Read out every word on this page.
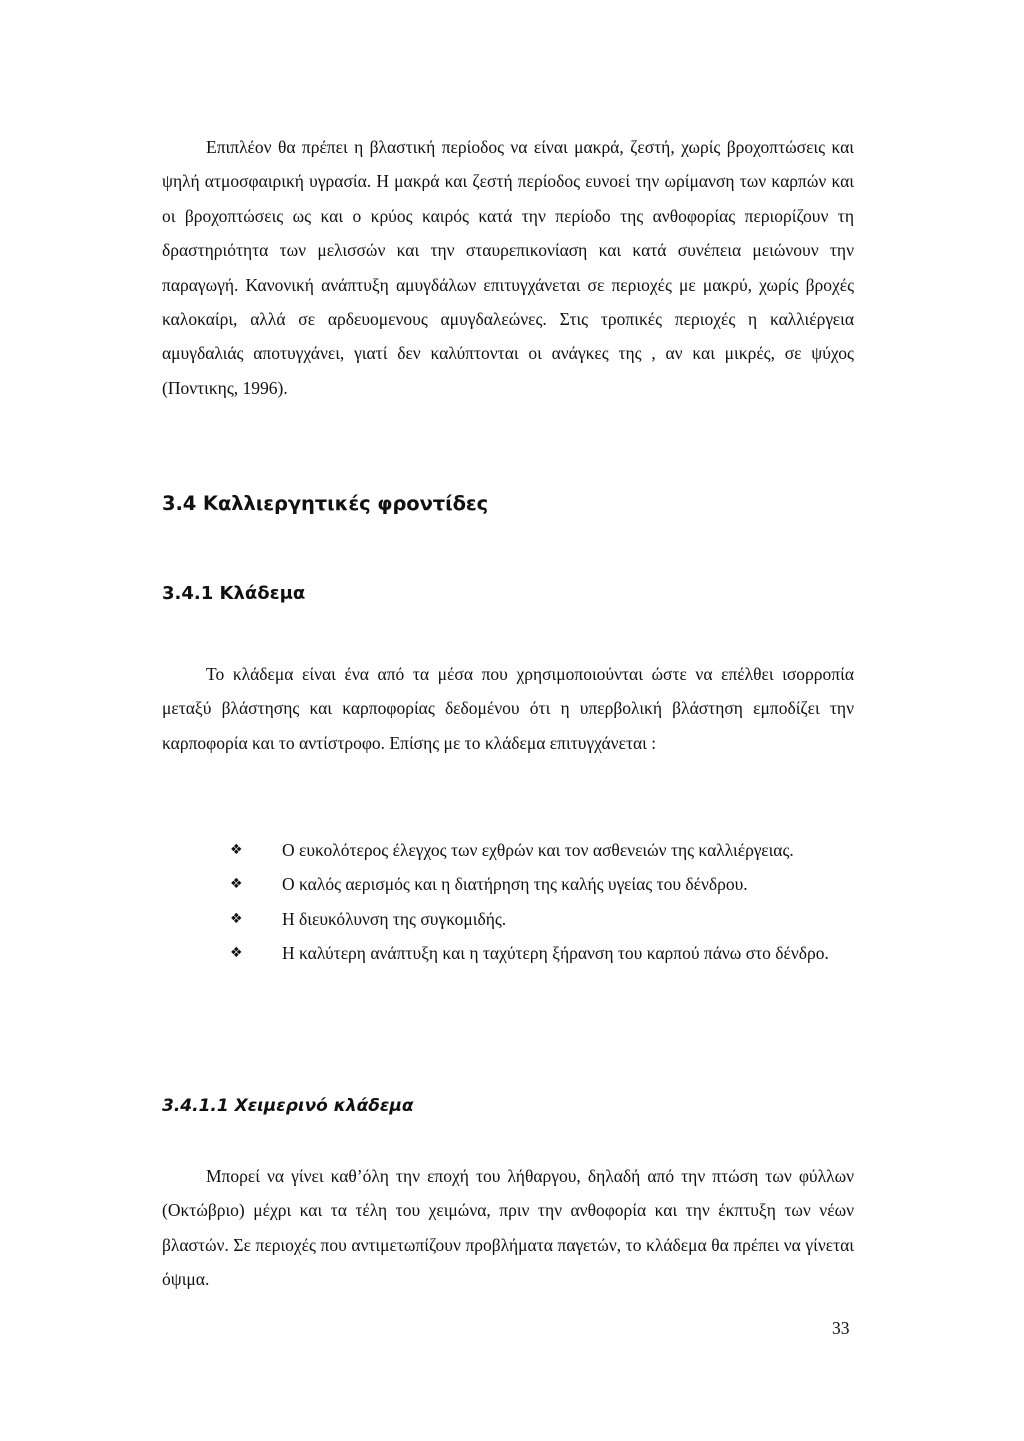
Επιπλέον θα πρέπει η βλαστική περίοδος να είναι μακρά, ζεστή, χωρίς βροχοπτώσεις και ψηλή ατμοσφαιρική υγρασία. Η μακρά και ζεστή περίοδος ευνοεί την ωρίμανση των καρπών και οι βροχοπτώσεις ως και ο κρύος καιρός κατά την περίοδο της ανθοφορίας περιορίζουν τη δραστηριότητα των μελισσών και την σταυρεπικονίαση και κατά συνέπεια μειώνουν την παραγωγή. Κανονική ανάπτυξη αμυγδάλων επιτυγχάνεται σε περιοχές με μακρύ, χωρίς βροχές καλοκαίρι, αλλά σε αρδευομενους αμυγδαλεώνες. Στις τροπικές περιοχές η καλλιέργεια αμυγδαλιάς αποτυγχάνει, γιατί δεν καλύπτονται οι ανάγκες της , αν και μικρές, σε ψύχος (Ποντικης, 1996).

3.4 Καλλιεργητικές φροντίδες
3.4.1 Κλάδεμα

Το κλάδεμα είναι ένα από τα μέσα που χρησιμοποιούνται ώστε να επέλθει ισορροπία μεταξύ βλάστησης και καρποφορίας δεδομένου ότι η υπερβολική βλάστηση εμποδίζει την καρποφορία και το αντίστροφο. Επίσης με το κλάδεμα επιτυγχάνεται :

❖ Ο ευκολότερος έλεγχος των εχθρών και τον ασθενειών της καλλιέργειας.
❖ Ο καλός αερισμός και η διατήρηση της καλής υγείας του δένδρου.
❖ Η διευκόλυνση της συγκομιδής.
❖ Η καλύτερη ανάπτυξη και η ταχύτερη ξήρανση του καρπού πάνω στο δένδρο.
3.4.1.1 Χειμερινό κλάδεμα

Μπορεί να γίνει καθ’όλη την εποχή του λήθαργου, δηλαδή από την πτώση των φύλλων (Οκτώβριο) μέχρι και τα τέλη του χειμώνα, πριν την ανθοφορία και την έκπτυξη των νέων βλαστών. Σε περιοχές που αντιμετωπίζουν προβλήματα παγετών, το κλάδεμα θα πρέπει να γίνεται όψιμα.

33
